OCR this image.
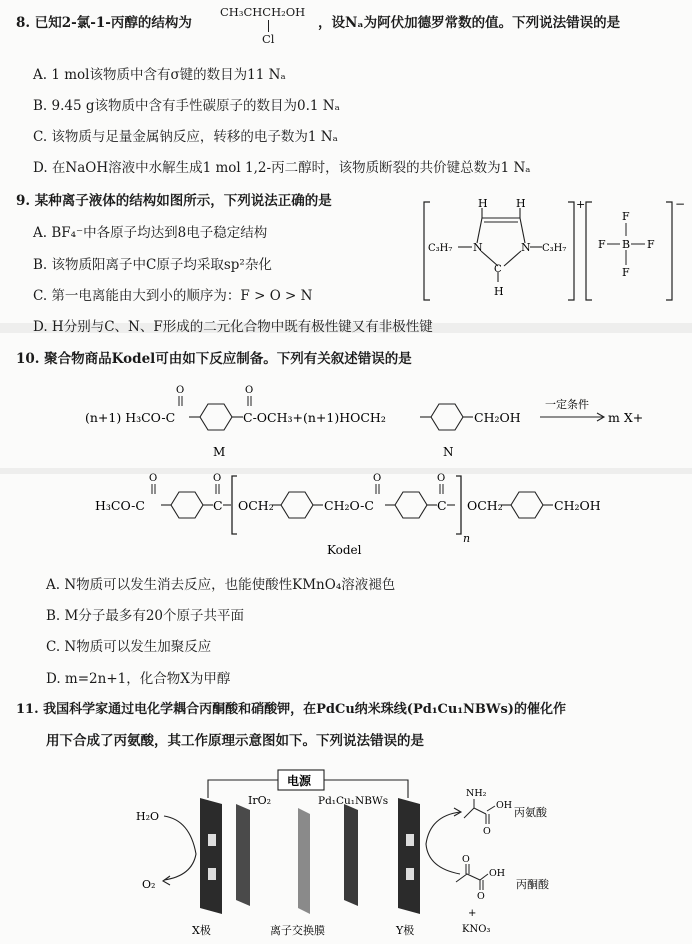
8. 已知2-氯-1-丙醇的结构为
CH₃CHCH₂OH
Cl
，设Nₐ为阿伏加德罗常数的值。下列说法错误的是
A. 1 mol该物质中含有σ键的数目为11 Nₐ
B. 9.45 g该物质中含有手性碳原子的数目为0.1 Nₐ
C. 该物质与足量金属钠反应，转移的电子数为1 Nₐ
D. 在NaOH溶液中水解生成1 mol 1,2-丙二醇时，该物质断裂的共价键总数为1 Nₐ
9. 某种离子液体的结构如图所示，下列说法正确的是
A. BF₄⁻中各原子均达到8电子稳定结构
B. 该物质阳离子中C原子均采取sp²杂化
C. 第一电离能由大到小的顺序为：F > O > N
D. H分别与C、N、F形成的二元化合物中既有极性键又有非极性键
H	H
N	N
C
H
C₃H₇	C₃H₇
+
F
F B F
F
−
10. 聚合物商品Kodel可由如下反应制备。下列有关叙述错误的是
(n+1) H₃CO-C	C-OCH₃+(n+1)HOCH₂	CH₂OH
O	O
一定条件
m X+
M	N
H₃CO-C
O
C
O
OCH₂	CH₂O-C
O
C
O
n
OCH₂	CH₂OH
Kodel
A. N物质可以发生消去反应，也能使酸性KMnO₄溶液褪色
B. M分子最多有20个原子共平面
C. N物质可以发生加聚反应
D. m=2n+1，化合物X为甲醇
11. 我国科学家通过电化学耦合丙酮酸和硝酸钾，在PdCu纳米珠线(Pd₁Cu₁NBWs)的催化作
用下合成了丙氨酸，其工作原理示意图如下。下列说法错误的是
电源
IrO₂	Pd₁Cu₁NBWs
H₂O
O₂
X极	离子交换膜	Y极
NH₂
O
OH
丙氨酸
O
O
OH
丙酮酸
+
KNO₃
